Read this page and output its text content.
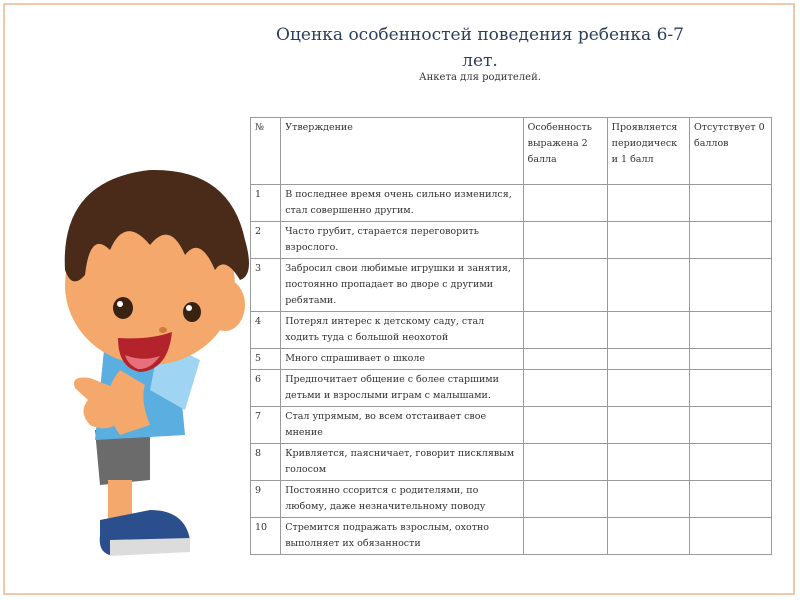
Оценка особенностей поведения ребенка 6-7 лет.
Анкета для родителей.
№	Утверждение	Особенность выражена 2 балла	Проявляется периодическ и 1 балл	Отсутствует 0 баллов
1	В последнее время очень сильно изменился, стал совершенно другим.			
2	Часто грубит, старается переговорить взрослого.			
3	Забросил свои любимые игрушки и занятия, постоянно пропадает во дворе с другими ребятами.			
4	Потерял интерес к детскому саду, стал ходить туда с большой неохотой			
5	Много спрашивает о школе			
6	Предпочитает общение с более старшими детьми и взрослыми играм с малышами.			
7	Стал упрямым, во всем отстаивает свое мнение			
8	Кривляется, паясничает, говорит писклявым голосом			
9	Постоянно ссорится с родителями, по любому, даже незначительному поводу			
10	Стремится подражать взрослым, охотно выполняет их обязанности			
